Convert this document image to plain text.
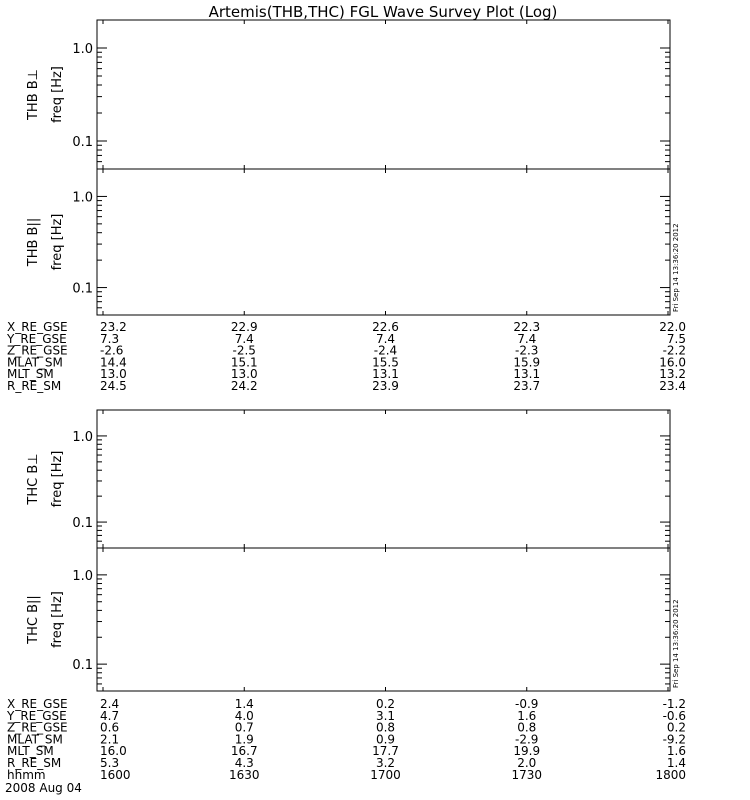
Artemis(THB,THC) FGL Wave Survey Plot (Log)
0.1
1.0
THB B⊥ freq [Hz]
0.1
1.0
THB B|| freq [Hz]	Fri Sep 14 13:36:20 2012
0.1
1.0
THC B⊥ freq [Hz]
0.1
1.0
THC B|| freq [Hz]	Fri Sep 14 13:36:20 2012
X_RE_GSE	23.2	22.9	22.6	22.3	22.0
Y_RE_GSE	7.3	7.4	7.4	7.4	7.5
Z_RE_GSE	-2.6	-2.5	-2.4	-2.3	-2.2
MLAT_SM	14.4	15.1	15.5	15.9	16.0
MLT_SM	13.0	13.0	13.1	13.1	13.2
R_RE_SM	24.5	24.2	23.9	23.7	23.4
X_RE_GSE	2.4	1.4	0.2	-0.9	-1.2
Y_RE_GSE	4.7	4.0	3.1	1.6	-0.6
Z_RE_GSE	0.6	0.7	0.8	0.8	0.2
MLAT_SM	2.1	1.9	0.9	-2.9	-9.2
MLT_SM	16.0	16.7	17.7	19.9	1.6
R_RE_SM	5.3	4.3	3.2	2.0	1.4
hhmm	1600	1630	1700	1730	1800
2008 Aug 04
